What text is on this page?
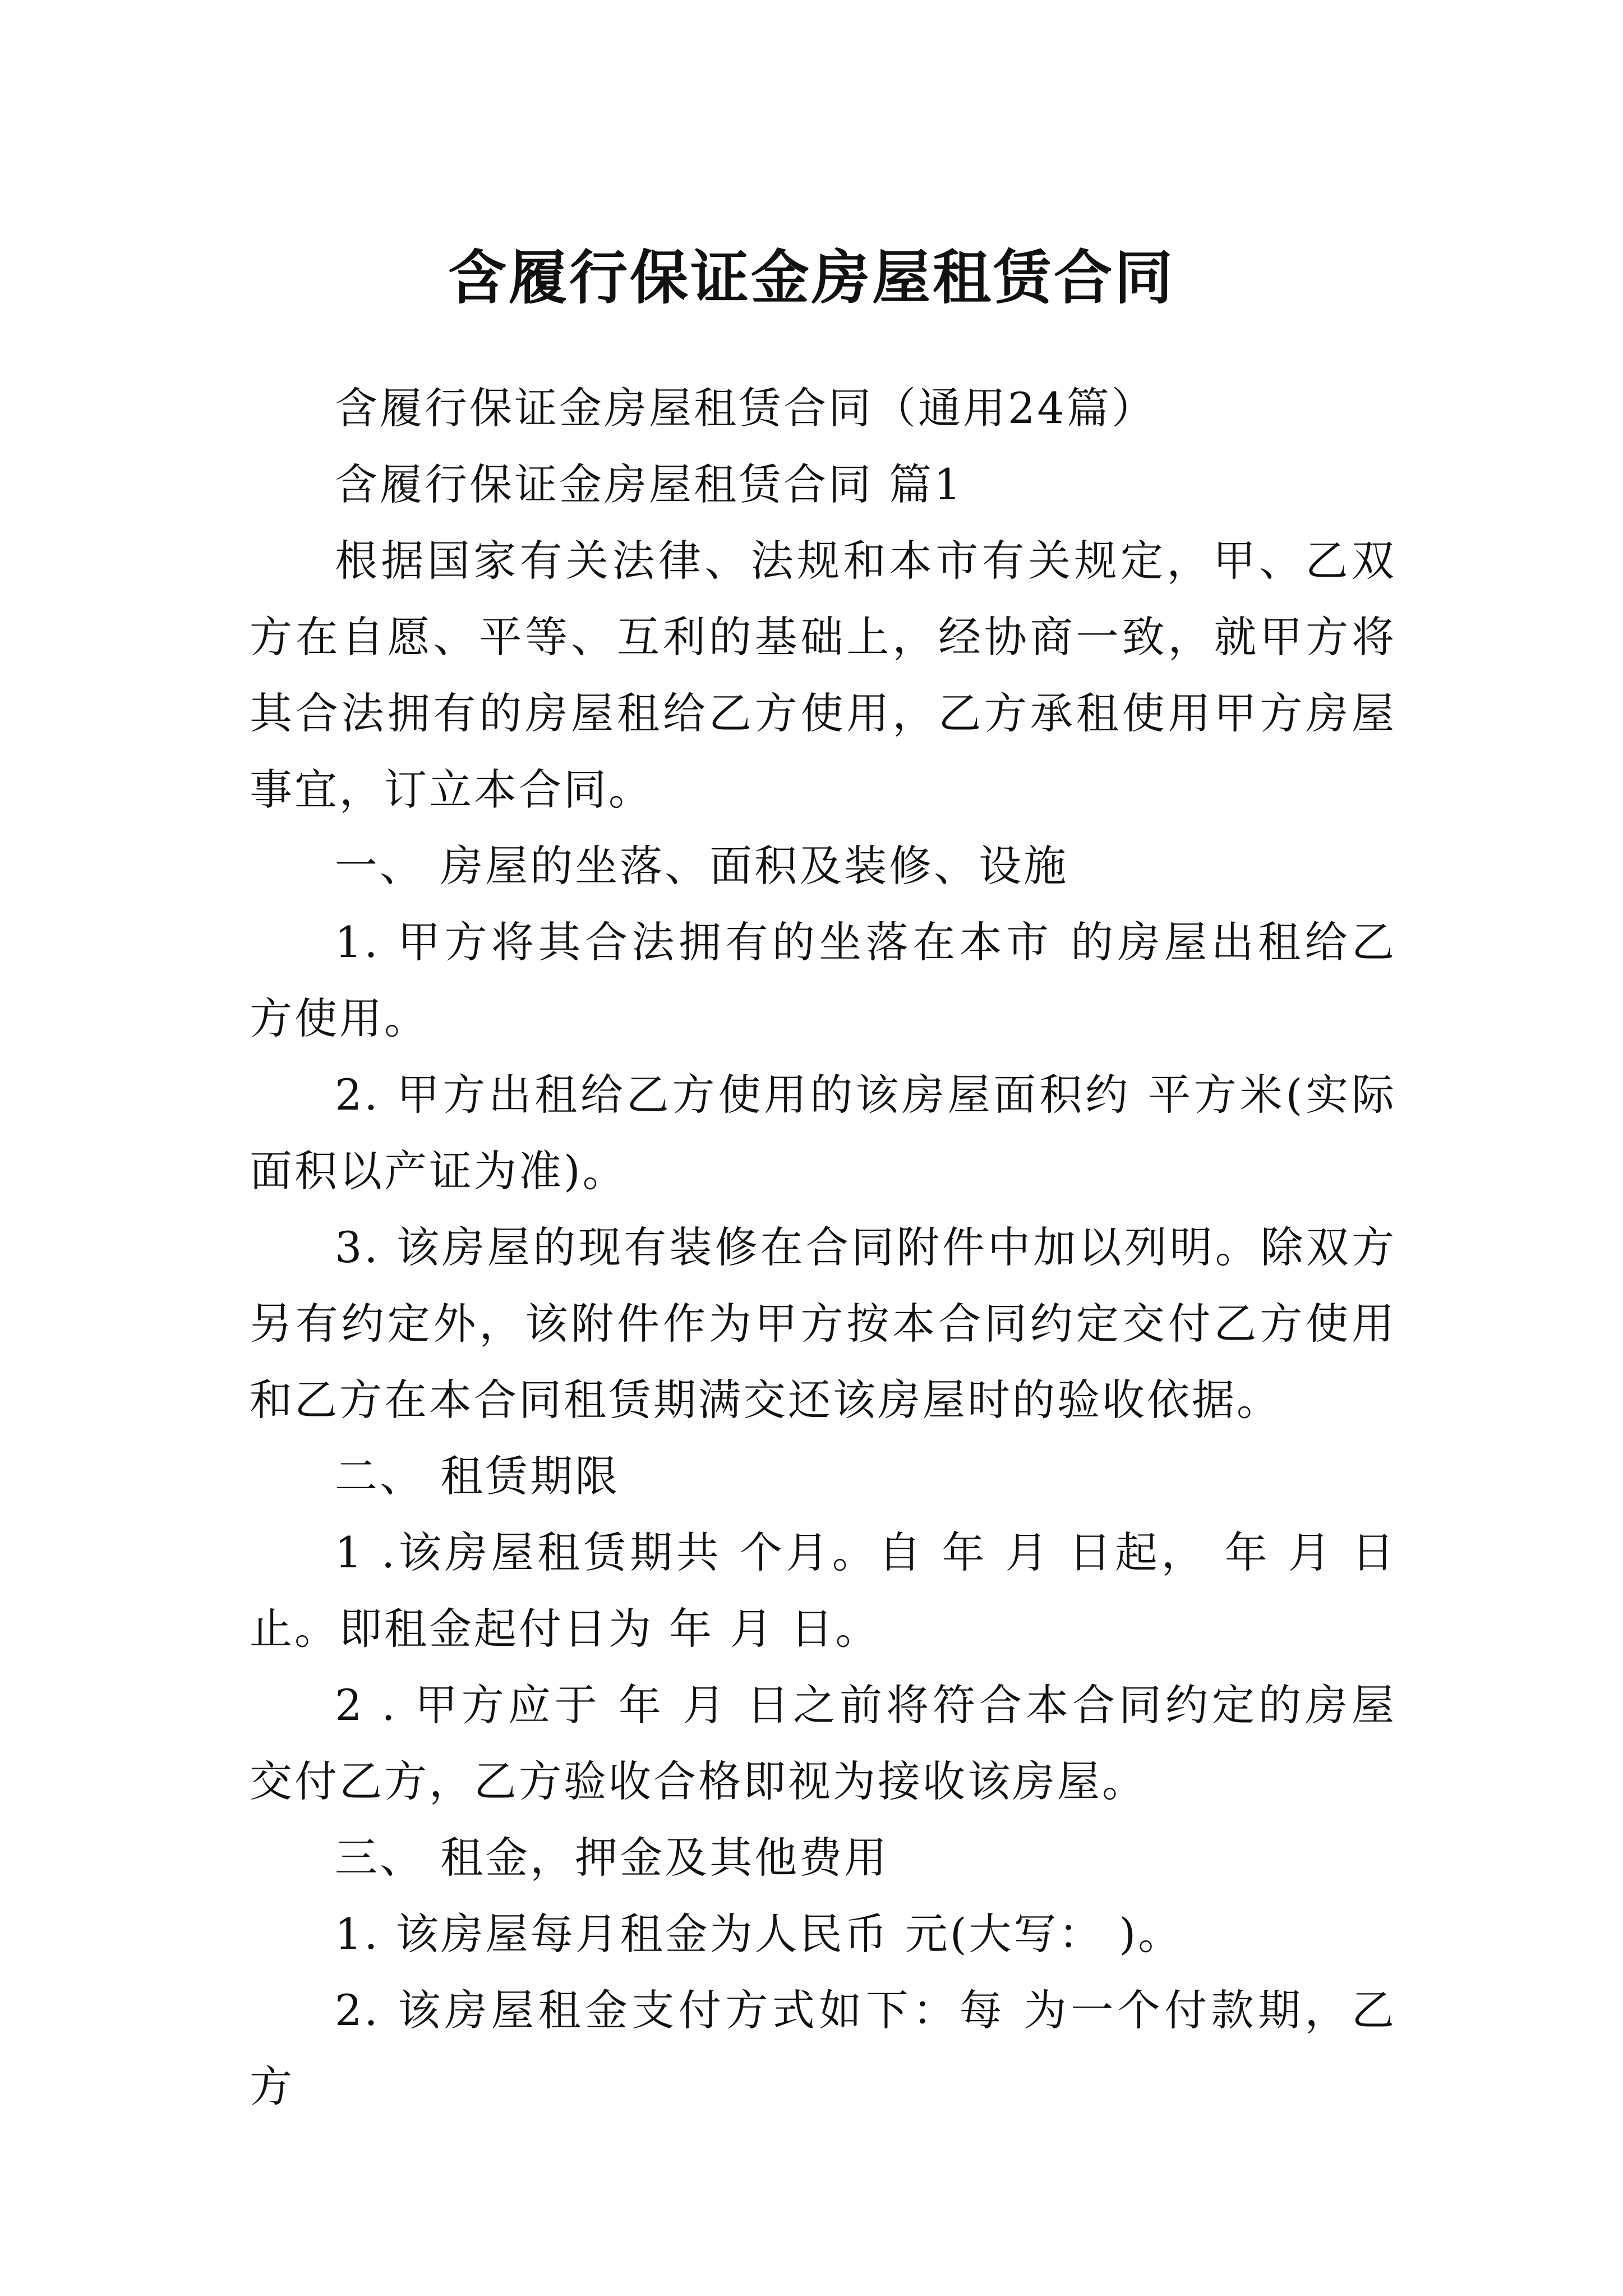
含履行保证金房屋租赁合同

含履行保证金房屋租赁合同（通用24篇）

含履行保证金房屋租赁合同 篇1

根据国家有关法律、法规和本市有关规定，甲、乙双方在自愿、平等、互利的基础上，经协商一致，就甲方将其合法拥有的房屋租给乙方使用，乙方承租使用甲方房屋事宜，订立本合同。

一、 房屋的坐落、面积及装修、设施

1. 甲方将其合法拥有的坐落在本市 的房屋出租给乙方使用。

2. 甲方出租给乙方使用的该房屋面积约 平方米(实际面积以产证为准)。

3. 该房屋的现有装修在合同附件中加以列明。除双方另有约定外，该附件作为甲方按本合同约定交付乙方使用和乙方在本合同租赁期满交还该房屋时的验收依据。

二、 租赁期限

1 .该房屋租赁期共 个月。自 年 月 日起， 年 月 日止。即租金起付日为 年 月 日。

2 . 甲方应于 年 月 日之前将符合本合同约定的房屋交付乙方，乙方验收合格即视为接收该房屋。

三、 租金，押金及其他费用

1. 该房屋每月租金为人民币 元(大写： )。

2. 该房屋租金支付方式如下：每 为一个付款期，乙方
